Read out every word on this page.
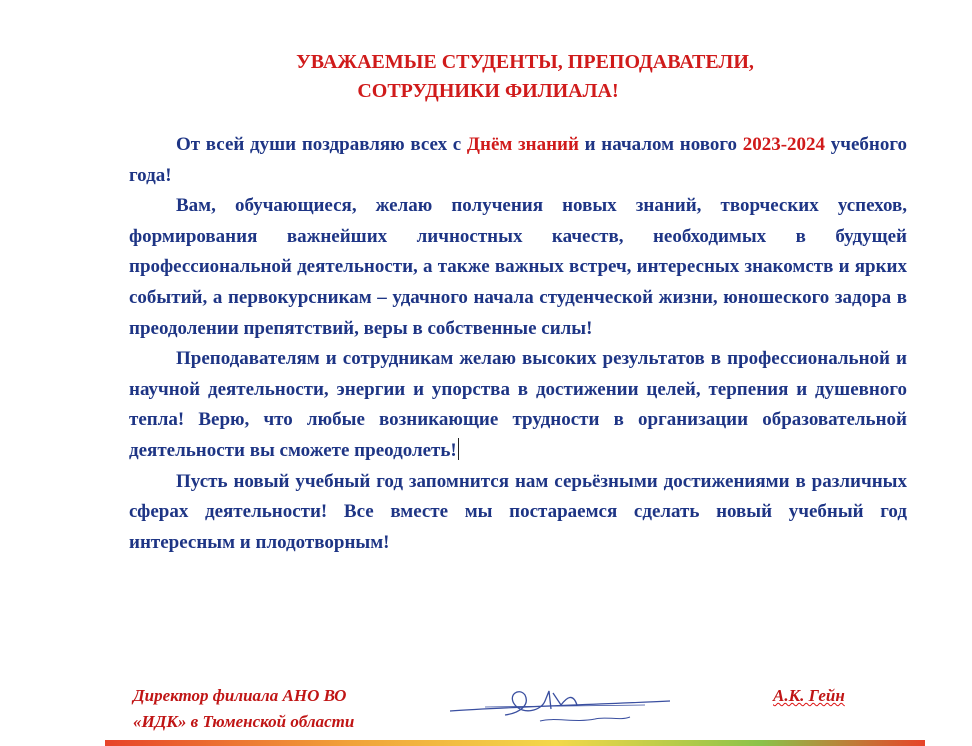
УВАЖАЕМЫЕ СТУДЕНТЫ, ПРЕПОДАВАТЕЛИ,
СОТРУДНИКИ ФИЛИАЛА!

От всей души поздравляю всех с Днём знаний и началом нового 2023-2024 учебного года!

Вам, обучающиеся, желаю получения новых знаний, творческих успехов, формирования важнейших личностных качеств, необходимых в будущей профессиональной деятельности, а также важных встреч, интересных знакомств и ярких событий, а первокурсникам – удачного начала студенческой жизни, юношеского задора в преодолении препятствий, веры в собственные силы!

Преподавателям и сотрудникам желаю высоких результатов в профессиональной и научной деятельности, энергии и упорства в достижении целей, терпения и душевного тепла! Верю, что любые возникающие трудности в организации образовательной деятельности вы сможете преодолеть!

Пусть новый учебный год запомнится нам серьёзными достижениями в различных сферах деятельности! Все вместе мы постараемся сделать новый учебный год интересным и плодотворным!

Директор филиала АНО ВО
«ИДК» в Тюменской области
А.К. Гейн
